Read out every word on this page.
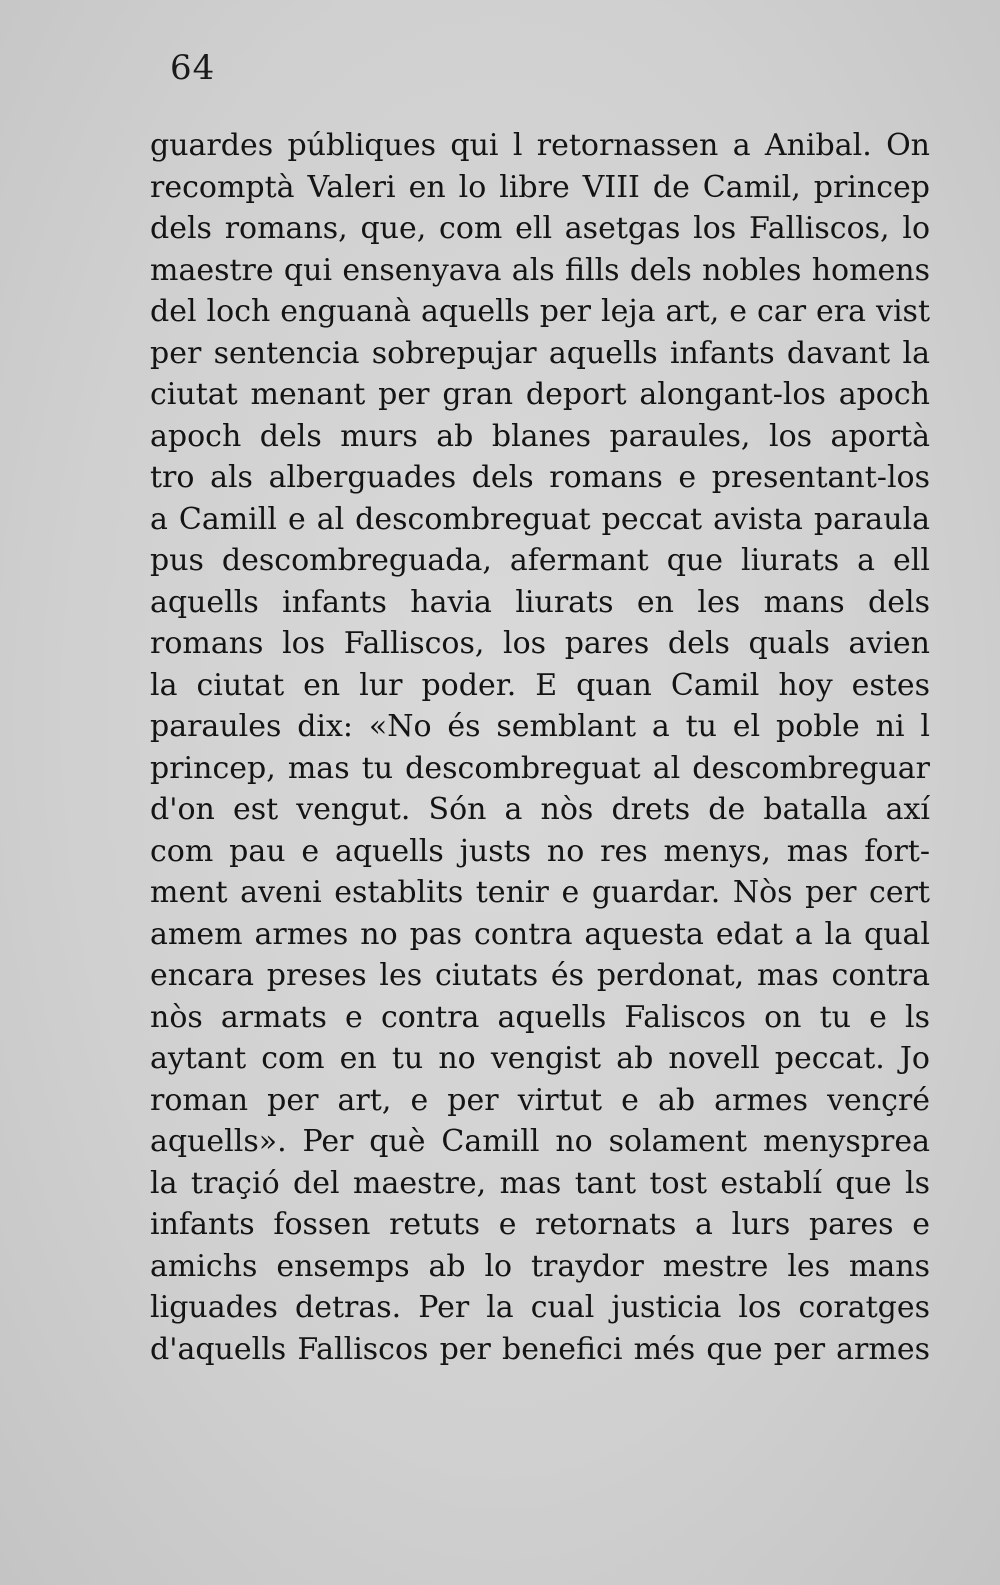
64
guardes públiques qui l retornassen a Anibal. On
recomptà Valeri en lo libre VIII de Camil, princep
dels romans, que, com ell asetgas los Falliscos, lo
maestre qui ensenyava als fills dels nobles homens
del loch enguanà aquells per leja art, e car era vist
per sentencia sobrepujar aquells infants davant la
ciutat menant per gran deport alongant-los apoch
apoch dels murs ab blanes paraules, los aportà
tro als alberguades dels romans e presentant-los
a Camill e al descombreguat peccat avista paraula
pus descombreguada, afermant que liurats a ell
aquells infants havia liurats en les mans dels
romans los Falliscos, los pares dels quals avien
la ciutat en lur poder. E quan Camil hoy estes
paraules dix: «No és semblant a tu el poble ni l
princep, mas tu descombreguat al descombreguar
d'on est vengut. Són a nòs drets de batalla axí
com pau e aquells justs no res menys, mas fort-
ment aveni establits tenir e guardar. Nòs per cert
amem armes no pas contra aquesta edat a la qual
encara preses les ciutats és perdonat, mas contra
nòs armats e contra aquells Faliscos on tu e ls
aytant com en tu no vengist ab novell peccat. Jo
roman per art, e per virtut e ab armes vençré
aquells». Per què Camill no solament menysprea
la traçió del maestre, mas tant tost establí que ls
infants fossen retuts e retornats a lurs pares e
amichs ensemps ab lo traydor mestre les mans
liguades detras. Per la cual justicia los coratges
d'aquells Falliscos per benefici més que per armes
